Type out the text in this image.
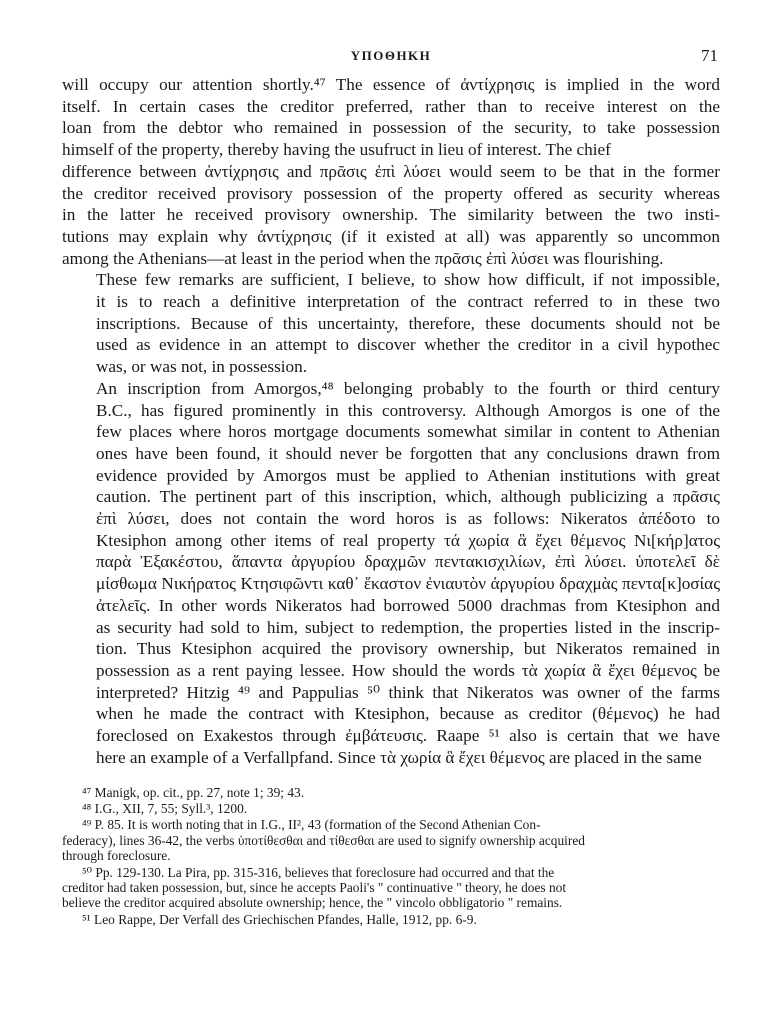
ΥΠΟΘΗΚΗ	71
will occupy our attention shortly.⁴⁷ The essence of ἀντίχρησις is implied in the word
itself. In certain cases the creditor preferred, rather than to receive interest on the
loan from the debtor who remained in possession of the security, to take possession
himself of the property, thereby having the usufruct in lieu of interest. The chief
difference between ἀντίχρησις and πρᾶσις ἐπὶ λύσει would seem to be that in the former
the creditor received provisory possession of the property offered as security whereas
in the latter he received provisory ownership. The similarity between the two insti-
tutions may explain why ἀντίχρησις (if it existed at all) was apparently so uncommon
among the Athenians—at least in the period when the πρᾶσις ἐπὶ λύσει was flourishing.
These few remarks are sufficient, I believe, to show how difficult, if not impossible,
it is to reach a definitive interpretation of the contract referred to in these two
inscriptions. Because of this uncertainty, therefore, these documents should not be
used as evidence in an attempt to discover whether the creditor in a civil hypothec
was, or was not, in possession.
An inscription from Amorgos,⁴⁸ belonging probably to the fourth or third century
B.C., has figured prominently in this controversy. Although Amorgos is one of the
few places where horos mortgage documents somewhat similar in content to Athenian
ones have been found, it should never be forgotten that any conclusions drawn from
evidence provided by Amorgos must be applied to Athenian institutions with great
caution. The pertinent part of this inscription, which, although publicizing a πρᾶσις
ἐπὶ λύσει, does not contain the word horos is as follows: Nikeratos ἀπέδοτο to
Ktesiphon among other items of real property τά χωρία ἃ ἔχει θέμενος Νι[κήρ]ατος
παρὰ Ἐξακέστου, ἅπαντα ἀργυρίου δραχμῶν πεντακισχιλίων, ἐπὶ λύσει. ὑποτελεῖ δὲ
μίσθωμα Νικήρατος Κτησιφῶντι καθ᾽ ἕκαστον ἐνιαυτὸν ἀργυρίου δραχμὰς πεντα[κ]οσίας
ἀτελεῖς. In other words Nikeratos had borrowed 5000 drachmas from Ktesiphon and
as security had sold to him, subject to redemption, the properties listed in the inscrip-
tion. Thus Ktesiphon acquired the provisory ownership, but Nikeratos remained in
possession as a rent paying lessee. How should the words τὰ χωρία ἃ ἔχει θέμενος be
interpreted? Hitzig ⁴⁹ and Pappulias ⁵⁰ think that Nikeratos was owner of the farms
when he made the contract with Ktesiphon, because as creditor (θέμενος) he had
foreclosed on Exakestos through ἐμβάτευσις. Raape ⁵¹ also is certain that we have
here an example of a Verfallpfand. Since τὰ χωρία ἃ ἔχει θέμενος are placed in the same
⁴⁷ Manigk, op. cit., pp. 27, note 1; 39; 43.
⁴⁸ I.G., XII, 7, 55; Syll.³, 1200.
⁴⁹ P. 85. It is worth noting that in I.G., II², 43 (formation of the Second Athenian Con-
federacy), lines 36-42, the verbs ὑποτίθεσθαι and τίθεσθαι are used to signify ownership acquired
through foreclosure.
⁵⁰ Pp. 129-130. La Pira, pp. 315-316, believes that foreclosure had occurred and that the
creditor had taken possession, but, since he accepts Paoli's " continuative " theory, he does not
believe the creditor acquired absolute ownership; hence, the " vincolo obbligatorio " remains.
⁵¹ Leo Rappe, Der Verfall des Griechischen Pfandes, Halle, 1912, pp. 6-9.
